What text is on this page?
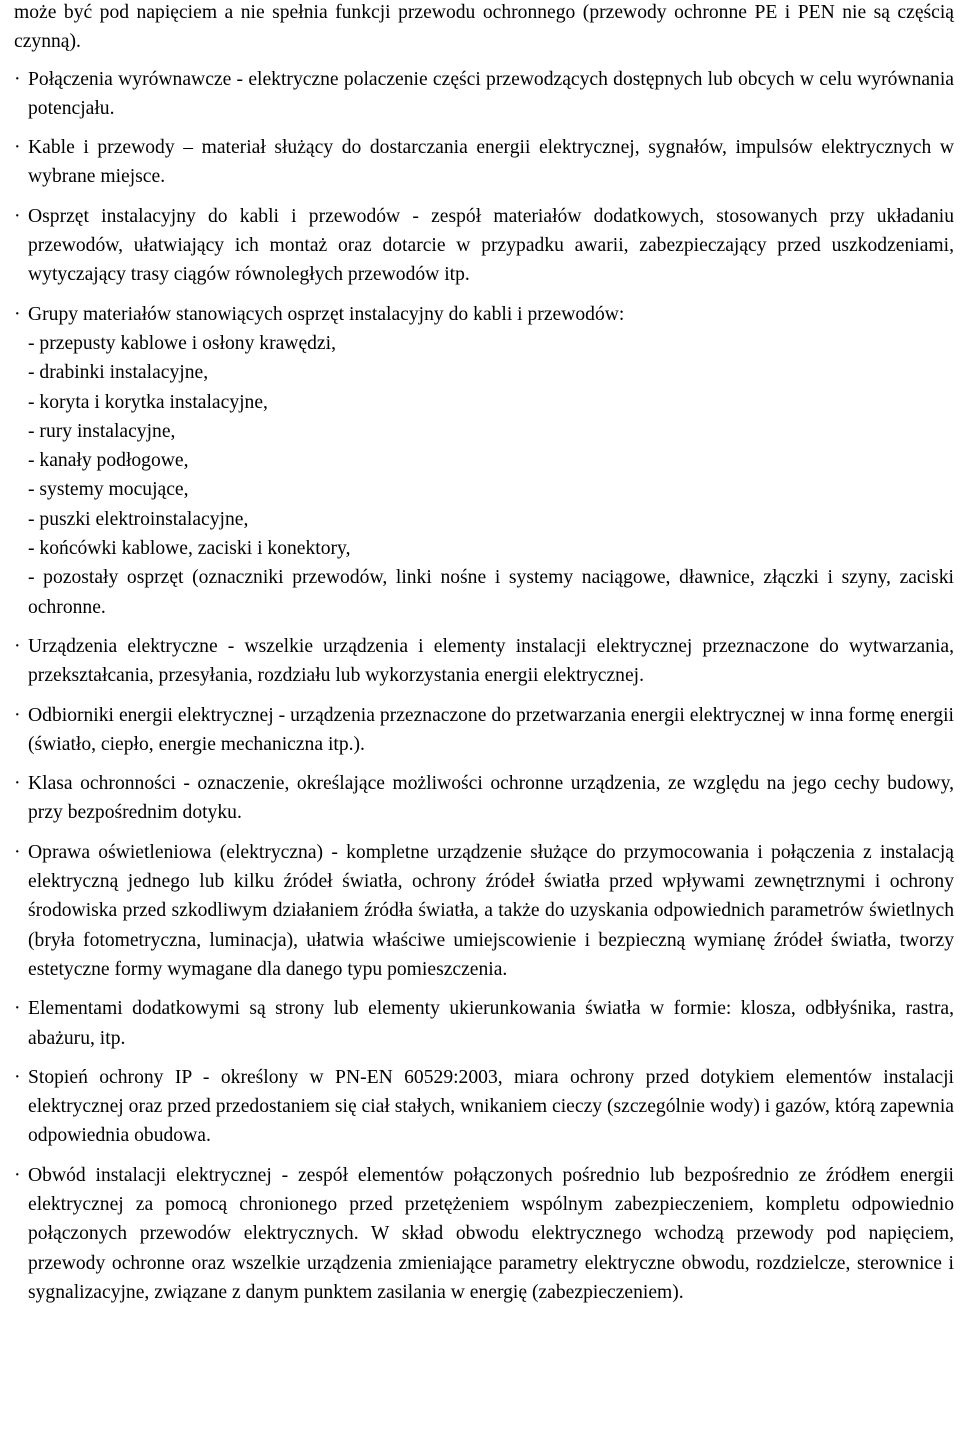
może być pod napięciem a nie spełnia funkcji przewodu ochronnego (przewody ochronne PE i PEN nie są częścią czynną).

· Połączenia wyrównawcze - elektryczne polaczenie części przewodzących dostępnych lub obcych w celu wyrównania potencjału.
· Kable i przewody – materiał służący do dostarczania energii elektrycznej, sygnałów, impulsów elektrycznych w wybrane miejsce.
· Osprzęt instalacyjny do kabli i przewodów - zespół materiałów dodatkowych, stosowanych przy układaniu przewodów, ułatwiający ich montaż oraz dotarcie w przypadku awarii, zabezpieczający przed uszkodzeniami, wytyczający trasy ciągów równoległych przewodów itp.
· Grupy materiałów stanowiących osprzęt instalacyjny do kabli i przewodów:
- przepusty kablowe i osłony krawędzi,
- drabinki instalacyjne,
- koryta i korytka instalacyjne,
- rury instalacyjne,
- kanały podłogowe,
- systemy mocujące,
- puszki elektroinstalacyjne,
- końcówki kablowe, zaciski i konektory,
- pozostały osprzęt (oznaczniki przewodów, linki nośne i systemy naciągowe, dławnice, złączki i szyny, zaciski ochronne.
· Urządzenia elektryczne - wszelkie urządzenia i elementy instalacji elektrycznej przeznaczone do wytwarzania, przekształcania, przesyłania, rozdziału lub wykorzystania energii elektrycznej.
· Odbiorniki energii elektrycznej - urządzenia przeznaczone do przetwarzania energii elektrycznej w inna formę energii (światło, ciepło, energie mechaniczna itp.).
· Klasa ochronności - oznaczenie, określające możliwości ochronne urządzenia, ze względu na jego cechy budowy, przy bezpośrednim dotyku.
· Oprawa oświetleniowa (elektryczna) - kompletne urządzenie służące do przymocowania i połączenia z instalacją elektryczną jednego lub kilku źródeł światła, ochrony źródeł światła przed wpływami zewnętrznymi i ochrony środowiska przed szkodliwym działaniem źródła światła, a także do uzyskania odpowiednich parametrów świetlnych (bryła fotometryczna, luminacja), ułatwia właściwe umiejscowienie i bezpieczną wymianę źródeł światła, tworzy estetyczne formy wymagane dla danego typu pomieszczenia.
· Elementami dodatkowymi są strony lub elementy ukierunkowania światła w formie: klosza, odbłyśnika, rastra, abażuru, itp.
· Stopień ochrony IP - określony w PN-EN 60529:2003, miara ochrony przed dotykiem elementów instalacji elektrycznej oraz przed przedostaniem się ciał stałych, wnikaniem cieczy (szczególnie wody) i gazów, którą zapewnia odpowiednia obudowa.
· Obwód instalacji elektrycznej - zespół elementów połączonych pośrednio lub bezpośrednio ze źródłem energii elektrycznej za pomocą chronionego przed przetężeniem wspólnym zabezpieczeniem, kompletu odpowiednio połączonych przewodów elektrycznych. W skład obwodu elektrycznego wchodzą przewody pod napięciem, przewody ochronne oraz wszelkie urządzenia zmieniające parametry elektryczne obwodu, rozdzielcze, sterownice i sygnalizacyjne, związane z danym punktem zasilania w energię (zabezpieczeniem).
